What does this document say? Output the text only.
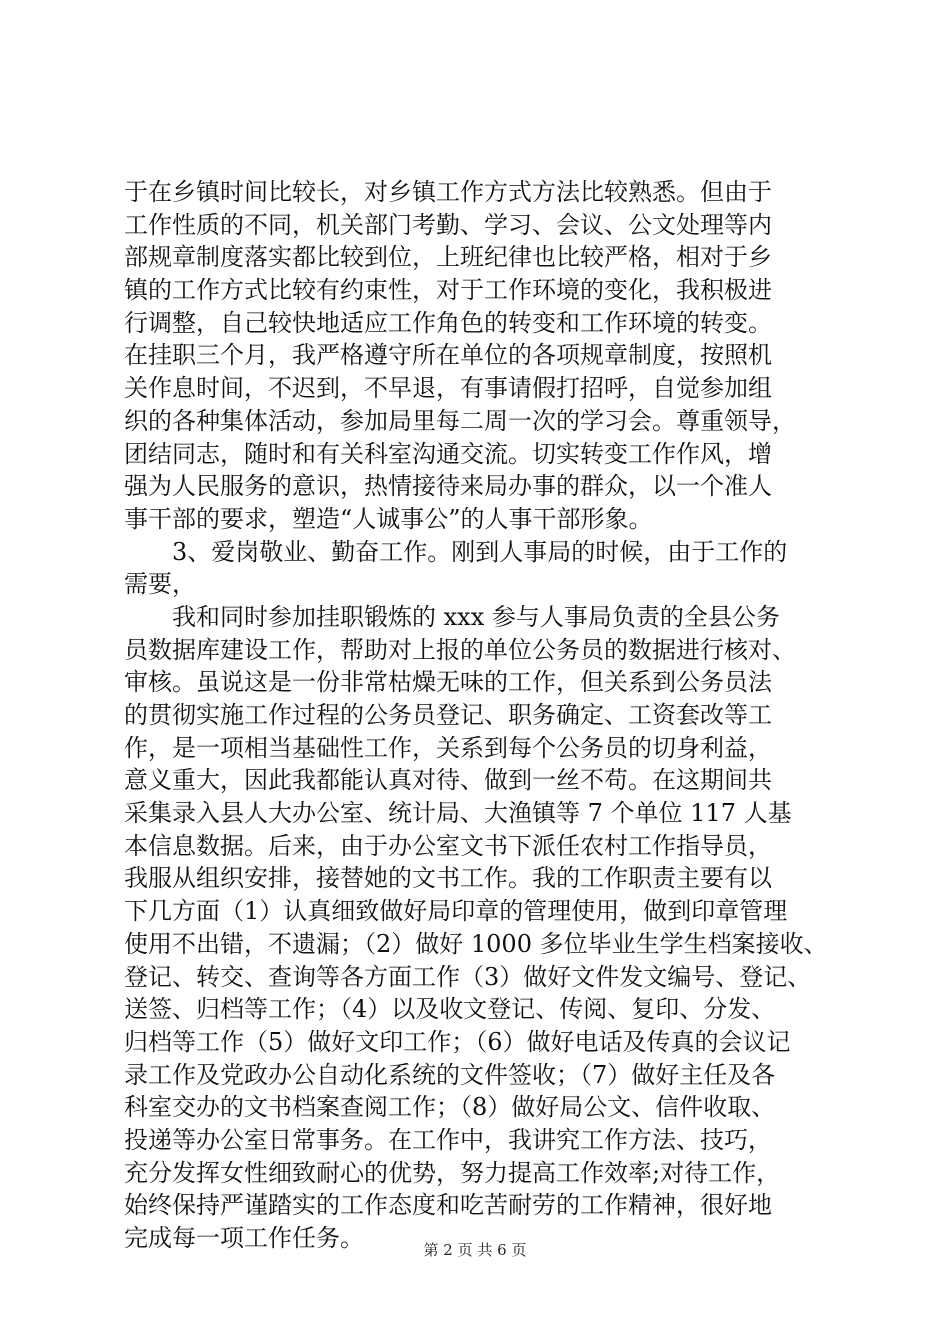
于在乡镇时间比较长，对乡镇工作方式方法比较熟悉。但由于
工作性质的不同，机关部门考勤、学习、会议、公文处理等内
部规章制度落实都比较到位，上班纪律也比较严格，相对于乡
镇的工作方式比较有约束性，对于工作环境的变化，我积极进
行调整，自己较快地适应工作角色的转变和工作环境的转变。
在挂职三个月，我严格遵守所在单位的各项规章制度，按照机
关作息时间，不迟到，不早退，有事请假打招呼，自觉参加组
织的各种集体活动，参加局里每二周一次的学习会。尊重领导，
团结同志，随时和有关科室沟通交流。切实转变工作作风，增
强为人民服务的意识，热情接待来局办事的群众，以一个准人
事干部的要求，塑造“人诚事公”的人事干部形象。
　　3、爱岗敬业、勤奋工作。刚到人事局的时候，由于工作的
需要，
　　我和同时参加挂职锻炼的 xxx 参与人事局负责的全县公务
员数据库建设工作，帮助对上报的单位公务员的数据进行核对、
审核。虽说这是一份非常枯燥无味的工作，但关系到公务员法
的贯彻实施工作过程的公务员登记、职务确定、工资套改等工
作，是一项相当基础性工作，关系到每个公务员的切身利益，
意义重大，因此我都能认真对待、做到一丝不苟。在这期间共
采集录入县人大办公室、统计局、大渔镇等 7 个单位 117 人基
本信息数据。后来，由于办公室文书下派任农村工作指导员，
我服从组织安排，接替她的文书工作。我的工作职责主要有以
下几方面（1）认真细致做好局印章的管理使用，做到印章管理
使用不出错，不遗漏；（2）做好 1000 多位毕业生学生档案接收、
登记、转交、查询等各方面工作（3）做好文件发文编号、登记、
送签、归档等工作；（4）以及收文登记、传阅、复印、分发、
归档等工作（5）做好文印工作；（6）做好电话及传真的会议记
录工作及党政办公自动化系统的文件签收；（7）做好主任及各
科室交办的文书档案查阅工作；（8）做好局公文、信件收取、
投递等办公室日常事务。在工作中，我讲究工作方法、技巧，
充分发挥女性细致耐心的优势，努力提高工作效率;对待工作，
始终保持严谨踏实的工作态度和吃苦耐劳的工作精神，很好地
完成每一项工作任务。	第 2 页 共 6 页
